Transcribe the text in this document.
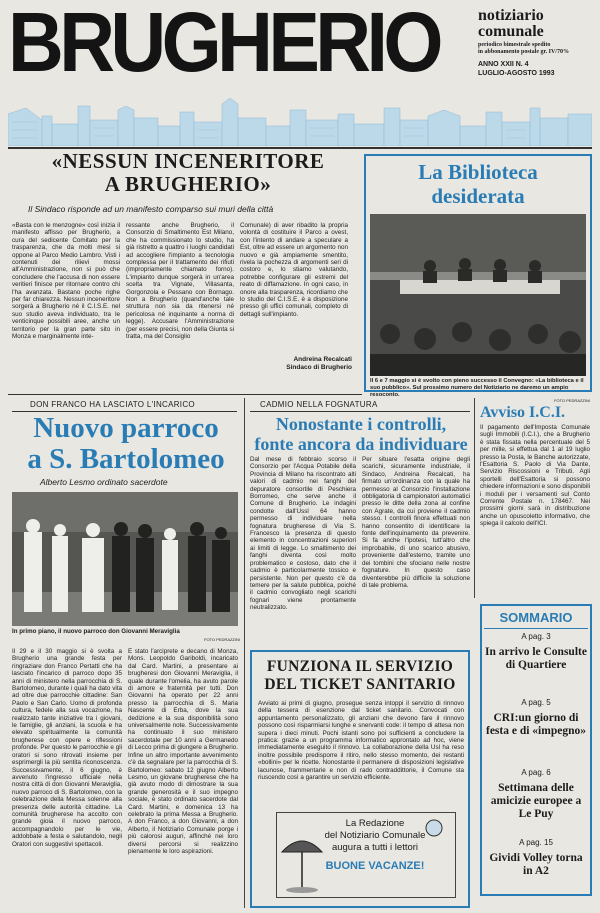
BRUGHERIO notiziario
comunale
periodico bimestrale spedito
in abbonamento postale gr. IV/70%
ANNO XXII N. 4
LUGLIO-AGOSTO 1993
«NESSUN INCENERITORE
A BRUGHERIO»
Il Sindaco risponde ad un manifesto comparso sui muri della città
«Basta con le menzogne» così inizia il manifesto affisso per Brugherio, a cura del sedicente Comitato per la trasparenza, che da molti mesi si oppone al Parco Medio Lambro. Visti i contenuti dei rilievi mossi all'Amministrazione, non si può che concludere che l'accusa di non essere veritieri finisce per ritornare contro chi l'ha avanzata. Bastano poche righe per far chiarezza. Nessun inceneritore sorgerà a Brugherio né il C.I.S.E. nel suo studio aveva individuato, tra le venticinque possibili aree, anche un territorio per la gran parte sito in Monza e marginalmente inte-
ressante anche Brugherio, il Consorzio di Smaltimento Est Milano, che ha commissionato lo studio, ha già ristretto a quattro i luoghi candidati ad accogliere l'impianto a tecnologia complessa per il trattamento dei rifiuti (impropriamente chiamato forno). L'impianto dunque sorgerà in un'area scelta tra Vignate, Villasanta, Gorgonzola e Pessano con Bornago. Non a Brugherio (quand'anche tale struttura non sia da ritenersi né pericolosa né inquinante a norma di legge). Accusare l'Amministrazione (per essere precisi, non della Giunta si tratta, ma del Consiglio
Comunale) di aver ribadito la propria volontà di costituire il Parco a ovest, con l'intento di andare a speculare a Est, oltre ad essere un argomento non nuovo e già ampiamente smentito, rivela la pochezza di argomenti seri di costoro e, lo stiamo valutando, potrebbe configurare gli estremi del reato di diffamazione. In ogni caso, in onore alla trasparenza, ricordiamo che lo studio del C.I.S.E. è a disposizione presso gli uffici comunali, completo di dettagli sull'impianto.
Andreina Recalcati
Sindaco di Brugherio
La Biblioteca
desiderata
Il 6 e 7 maggio si è svolto con pieno successo il Convegno: «La biblioteca e il suo pubblico». Sul prossimo numero del Notiziario ne daremo un ampio resoconto.
FOTO PEDRAZZINI
DON FRANCO HA LASCIATO L'INCARICO
Nuovo parroco
a S. Bartolomeo
Alberto Lesmo ordinato sacerdote
In primo piano, il nuovo parroco don Giovanni Meraviglia
FOTO PEDRAZZINI
Il 29 e il 30 maggio si è svolta a Brugherio una grande festa per ringraziare don Franco Pertatti che ha lasciato l'incarico di parroco dopo 35 anni di ministero nella parrocchia di S. Bartolomeo, durante i quali ha dato vita ad oltre due parrocchie cittadine: San Paolo e San Carlo. Uomo di profonda cultura, fedele alla sua vocazione, ha realizzato tante iniziative tra i giovani, le famiglie, gli anziani, la scuola e ha elevato spiritualmente la comunità brugherese con opere e riflessioni profonde. Per questo le parrocchie e gli oratori si sono ritrovati insieme per esprimergli la più sentita riconoscenza. Successivamente, il 6 giugno, è avvenuto l'ingresso ufficiale nella nostra città di don Giovanni Meraviglia, nuovo parroco di S. Bartolomeo, con la celebrazione della Messa solenne alla presenza delle autorità cittadine. La comunità brugherese ha accolto con grande gioia il nuovo parroco, accompagnandolo per le vie, addobbate a festa e salutandolo, negli Oratori con suggestivi spettacoli.
È stato l'arciprete e decano di Monza, Mons. Leopoldo Gariboldi, incaricato dal Card. Martini, a presentare ai brugheresi don Giovanni Meraviglia, il quale durante l'omelia, ha avuto parole di amore e fraternità per tutti. Don Giovanni ha operato per 22 anni presso la parrocchia di S. Maria Nascente di Erba, dove la sua dedizione e la sua disponibilità sono universalmente note. Successivamente ha continuato il suo ministero sacerdotale per 10 anni a Germanedo di Lecco prima di giungere a Brugherio. Infine un altro importante avvenimento c'è da segnalare per la parrocchia di S. Bartolomeo: sabato 12 giugno Alberto Lesmo, un giovane brugherese che ha già avuto modo di dimostrare la sua grande generosità e il suo impegno sociale, è stato ordinato sacerdote dal Card. Martini, e domenica 13 ha celebrato la prima Messa a Brugherio. A don Franco, a don Giovanni, a don Alberto, il Notiziario Comunale porge i più calorosi auguri, affinché nei loro diversi percorsi si realizzino pienamente le loro aspirazioni.
CADMIO NELLA FOGNATURA
Nonostante i controlli,
fonte ancora da individuare
Dal mese di febbraio scorso il Consorzio per l'Acqua Potabile della Provincia di Milano ha riscontrato alti valori di cadmio nei fanghi del depuratore consortile di Peschiera Borromeo, che serve anche il Comune di Brugherio. Le indagini condotte dall'Ussl 64 hanno permesso di individuare nella fognatura brugherese di Via S. Francesco la presenza di questo elemento in concentrazioni superiori ai limiti di legge. Lo smaltimento dei fanghi diventa così molto problematico e costoso, dato che il cadmio è particolarmente tossico e persistente. Non per questo c'è da temere per la salute pubblica, poiché il cadmio convogliato negli scarichi fognari viene prontamente neutralizzato.
Per situare l'esatta origine degli scarichi, sicuramente industriale, il Sindaco, Andreina Recalcati, ha firmato un'ordinanza con la quale ha permesso al Consorzio l'installazione obbligatoria di campionatori automatici presso le ditte della zona al confine con Agrate, da cui proviene il cadmio stesso. I controlli finora effettuati non hanno consentito di identificare la fonte dell'inquinamento da prevenire. Si fa anche l'ipotesi, tutt'altro che improbabile, di uno scarico abusivo, proveniente dall'esterno, tramite uno dei tombini che sfociano nelle nostre fognature. In questo caso diventerebbe più difficile la soluzione di tale problema.
Avviso I.C.I.
Il pagamento dell'Imposta Comunale sugli Immobili (I.C.I.), che a Brugherio è stata fissata nella percentuale del 5 per mille, si effettua dal 1 al 19 luglio presso la Posta, le Banche autorizzate, l'Esattoria S. Paolo di Via Dante, Servizio Riscossioni e Tributi. Agli sportelli dell'Esattoria si possono chiedere informazioni e sono disponibili i moduli per i versamenti sul Conto Corrente Postale n. 178467. Nei prossimi giorni sarà in distribuzione anche un opuscoletto informativo, che spiega il calcolo dell'ICI.
FUNZIONA IL SERVIZIO
DEL TICKET SANITARIO
Avviato ai primi di giugno, prosegue senza intoppi il servizio di rinnovo della tessera di esenzione dal ticket sanitario. Convocati con appuntamento personalizzato, gli anziani che devono fare il rinnovo possono così risparmiarsi lunghe e snervanti code: il tempo di attesa non supera i dieci minuti. Pochi istanti sono poi sufficienti a concludere la pratica: grazie a un programma informatico approntato ad hoc, viene immediatamente eseguito il rinnovo. La collaborazione della Usl ha reso inoltre possibile predisporre il ritiro, nello stesso momento, dei restanti «bollini» per le ricette. Nonostante il permanere di disposizioni legislative lacunose, frammentarie e non di rado contraddittorie, il Comune sta riuscendo così a garantire un servizio efficiente.
La Redazione
del Notiziario Comunale
augura a tutti i lettori
BUONE VACANZE!
SOMMARIO
A pag. 3
In arrivo le Consulte di Quartiere
A pag. 5
CRI:un giorno di festa e di «impegno»
A pag. 6
Settimana delle amicizie europee a Le Puy
A pag. 15
Gividi Volley torna in A2
